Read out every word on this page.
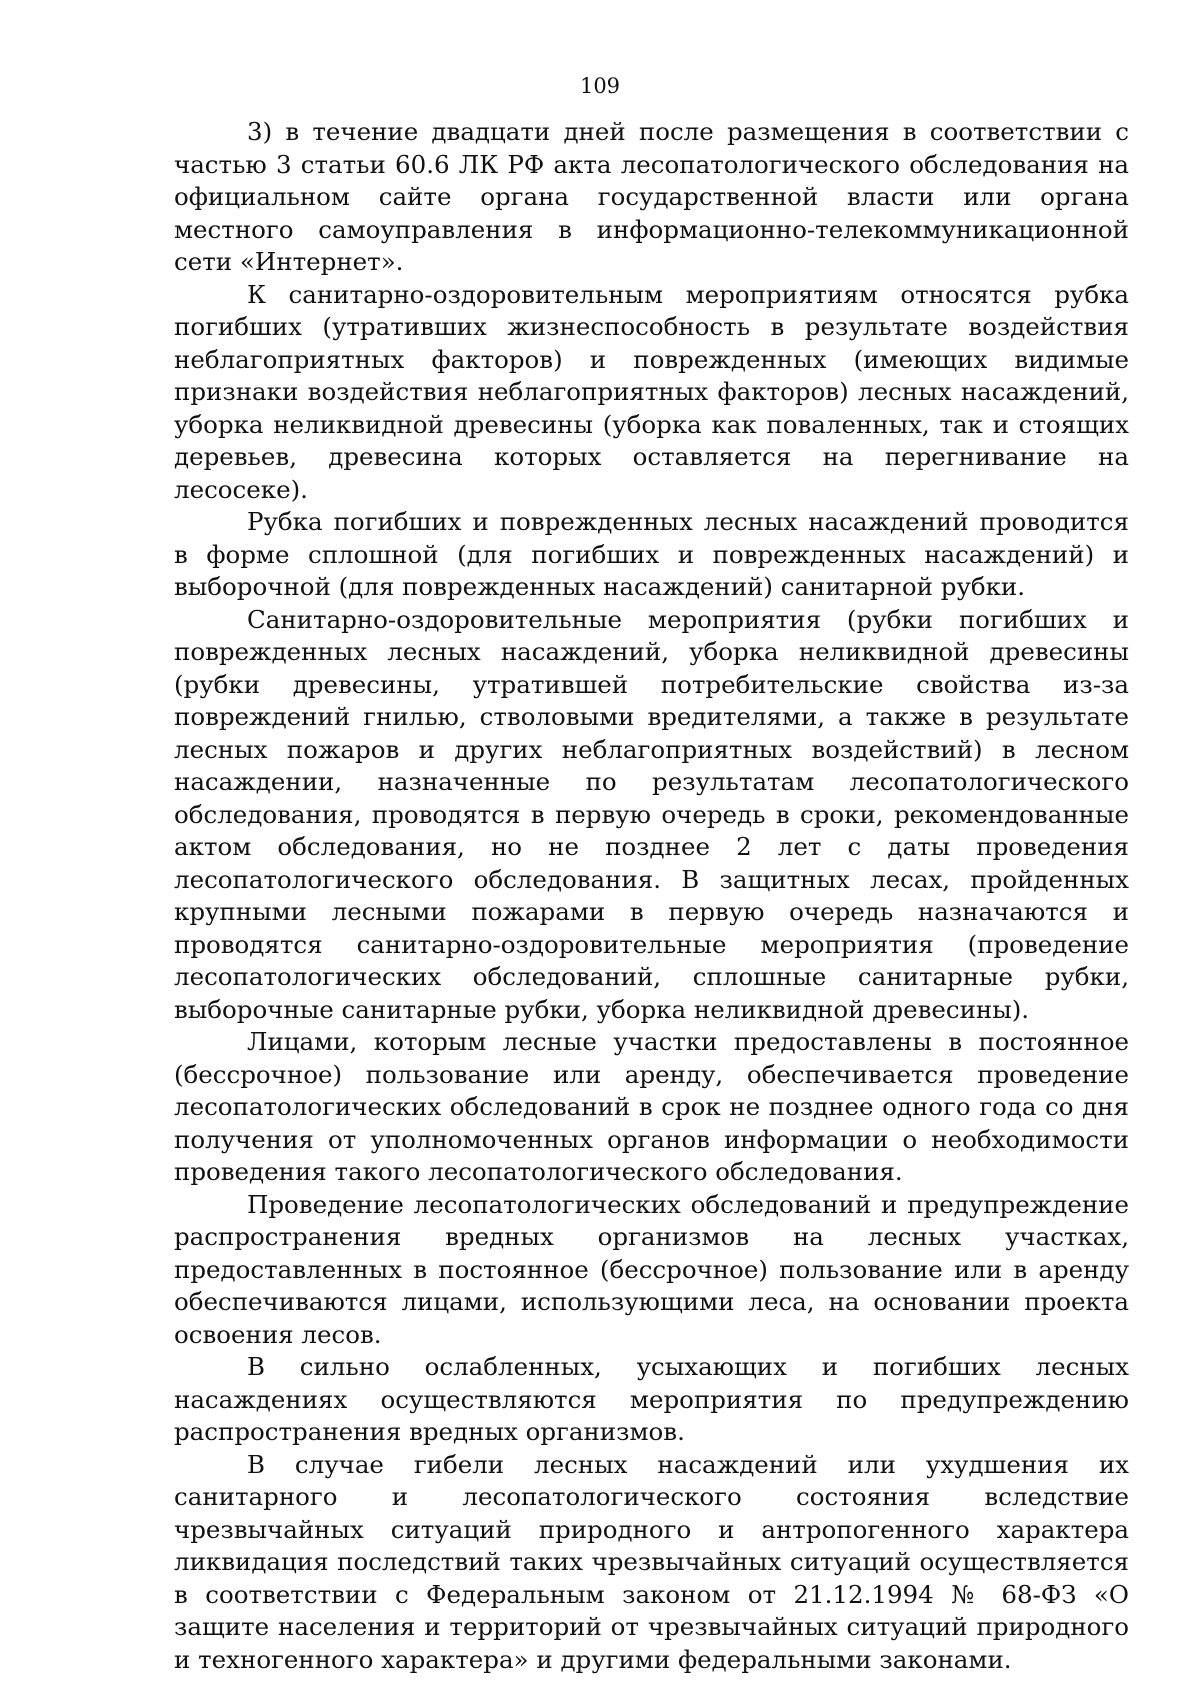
109

3) в течение двадцати дней после размещения в соответствии с частью 3 статьи 60.6 ЛК РФ акта лесопатологического обследования на официальном сайте органа государственной власти или органа местного самоуправления в информационно-телекоммуникационной сети «Интернет».

К санитарно-оздоровительным мероприятиям относятся рубка погибших (утративших жизнеспособность в результате воздействия неблагоприятных факторов) и поврежденных (имеющих видимые признаки воздействия неблагоприятных факторов) лесных насаждений, уборка неликвидной древесины (уборка как поваленных, так и стоящих деревьев, древесина которых оставляется на перегнивание на лесосеке).

Рубка погибших и поврежденных лесных насаждений проводится в форме сплошной (для погибших и поврежденных насаждений) и выборочной (для поврежденных насаждений) санитарной рубки.

Санитарно-оздоровительные мероприятия (рубки погибших и поврежденных лесных насаждений, уборка неликвидной древесины (рубки древесины, утратившей потребительские свойства из-за повреждений гнилью, стволовыми вредителями, а также в результате лесных пожаров и других неблагоприятных воздействий) в лесном насаждении, назначенные по результатам лесопатологического обследования, проводятся в первую очередь в сроки, рекомендованные актом обследования, но не позднее 2 лет с даты проведения лесопатологического обследования. В защитных лесах, пройденных крупными лесными пожарами в первую очередь назначаются и проводятся санитарно-оздоровительные мероприятия (проведение лесопатологических обследований, сплошные санитарные рубки, выборочные санитарные рубки, уборка неликвидной древесины).

Лицами, которым лесные участки предоставлены в постоянное (бессрочное) пользование или аренду, обеспечивается проведение лесопатологических обследований в срок не позднее одного года со дня получения от уполномоченных органов информации о необходимости проведения такого лесопатологического обследования.

Проведение лесопатологических обследований и предупреждение распространения вредных организмов на лесных участках, предоставленных в постоянное (бессрочное) пользование или в аренду обеспечиваются лицами, использующими леса, на основании проекта освоения лесов.

В сильно ослабленных, усыхающих и погибших лесных насаждениях осуществляются мероприятия по предупреждению распространения вредных организмов.

В случае гибели лесных насаждений или ухудшения их санитарного и лесопатологического состояния вследствие чрезвычайных ситуаций природного и антропогенного характера ликвидация последствий таких чрезвычайных ситуаций осуществляется в соответствии с Федеральным законом от 21.12.1994 № 68-ФЗ «О защите населения и территорий от чрезвычайных ситуаций природного и техногенного характера» и другими федеральными законами.
